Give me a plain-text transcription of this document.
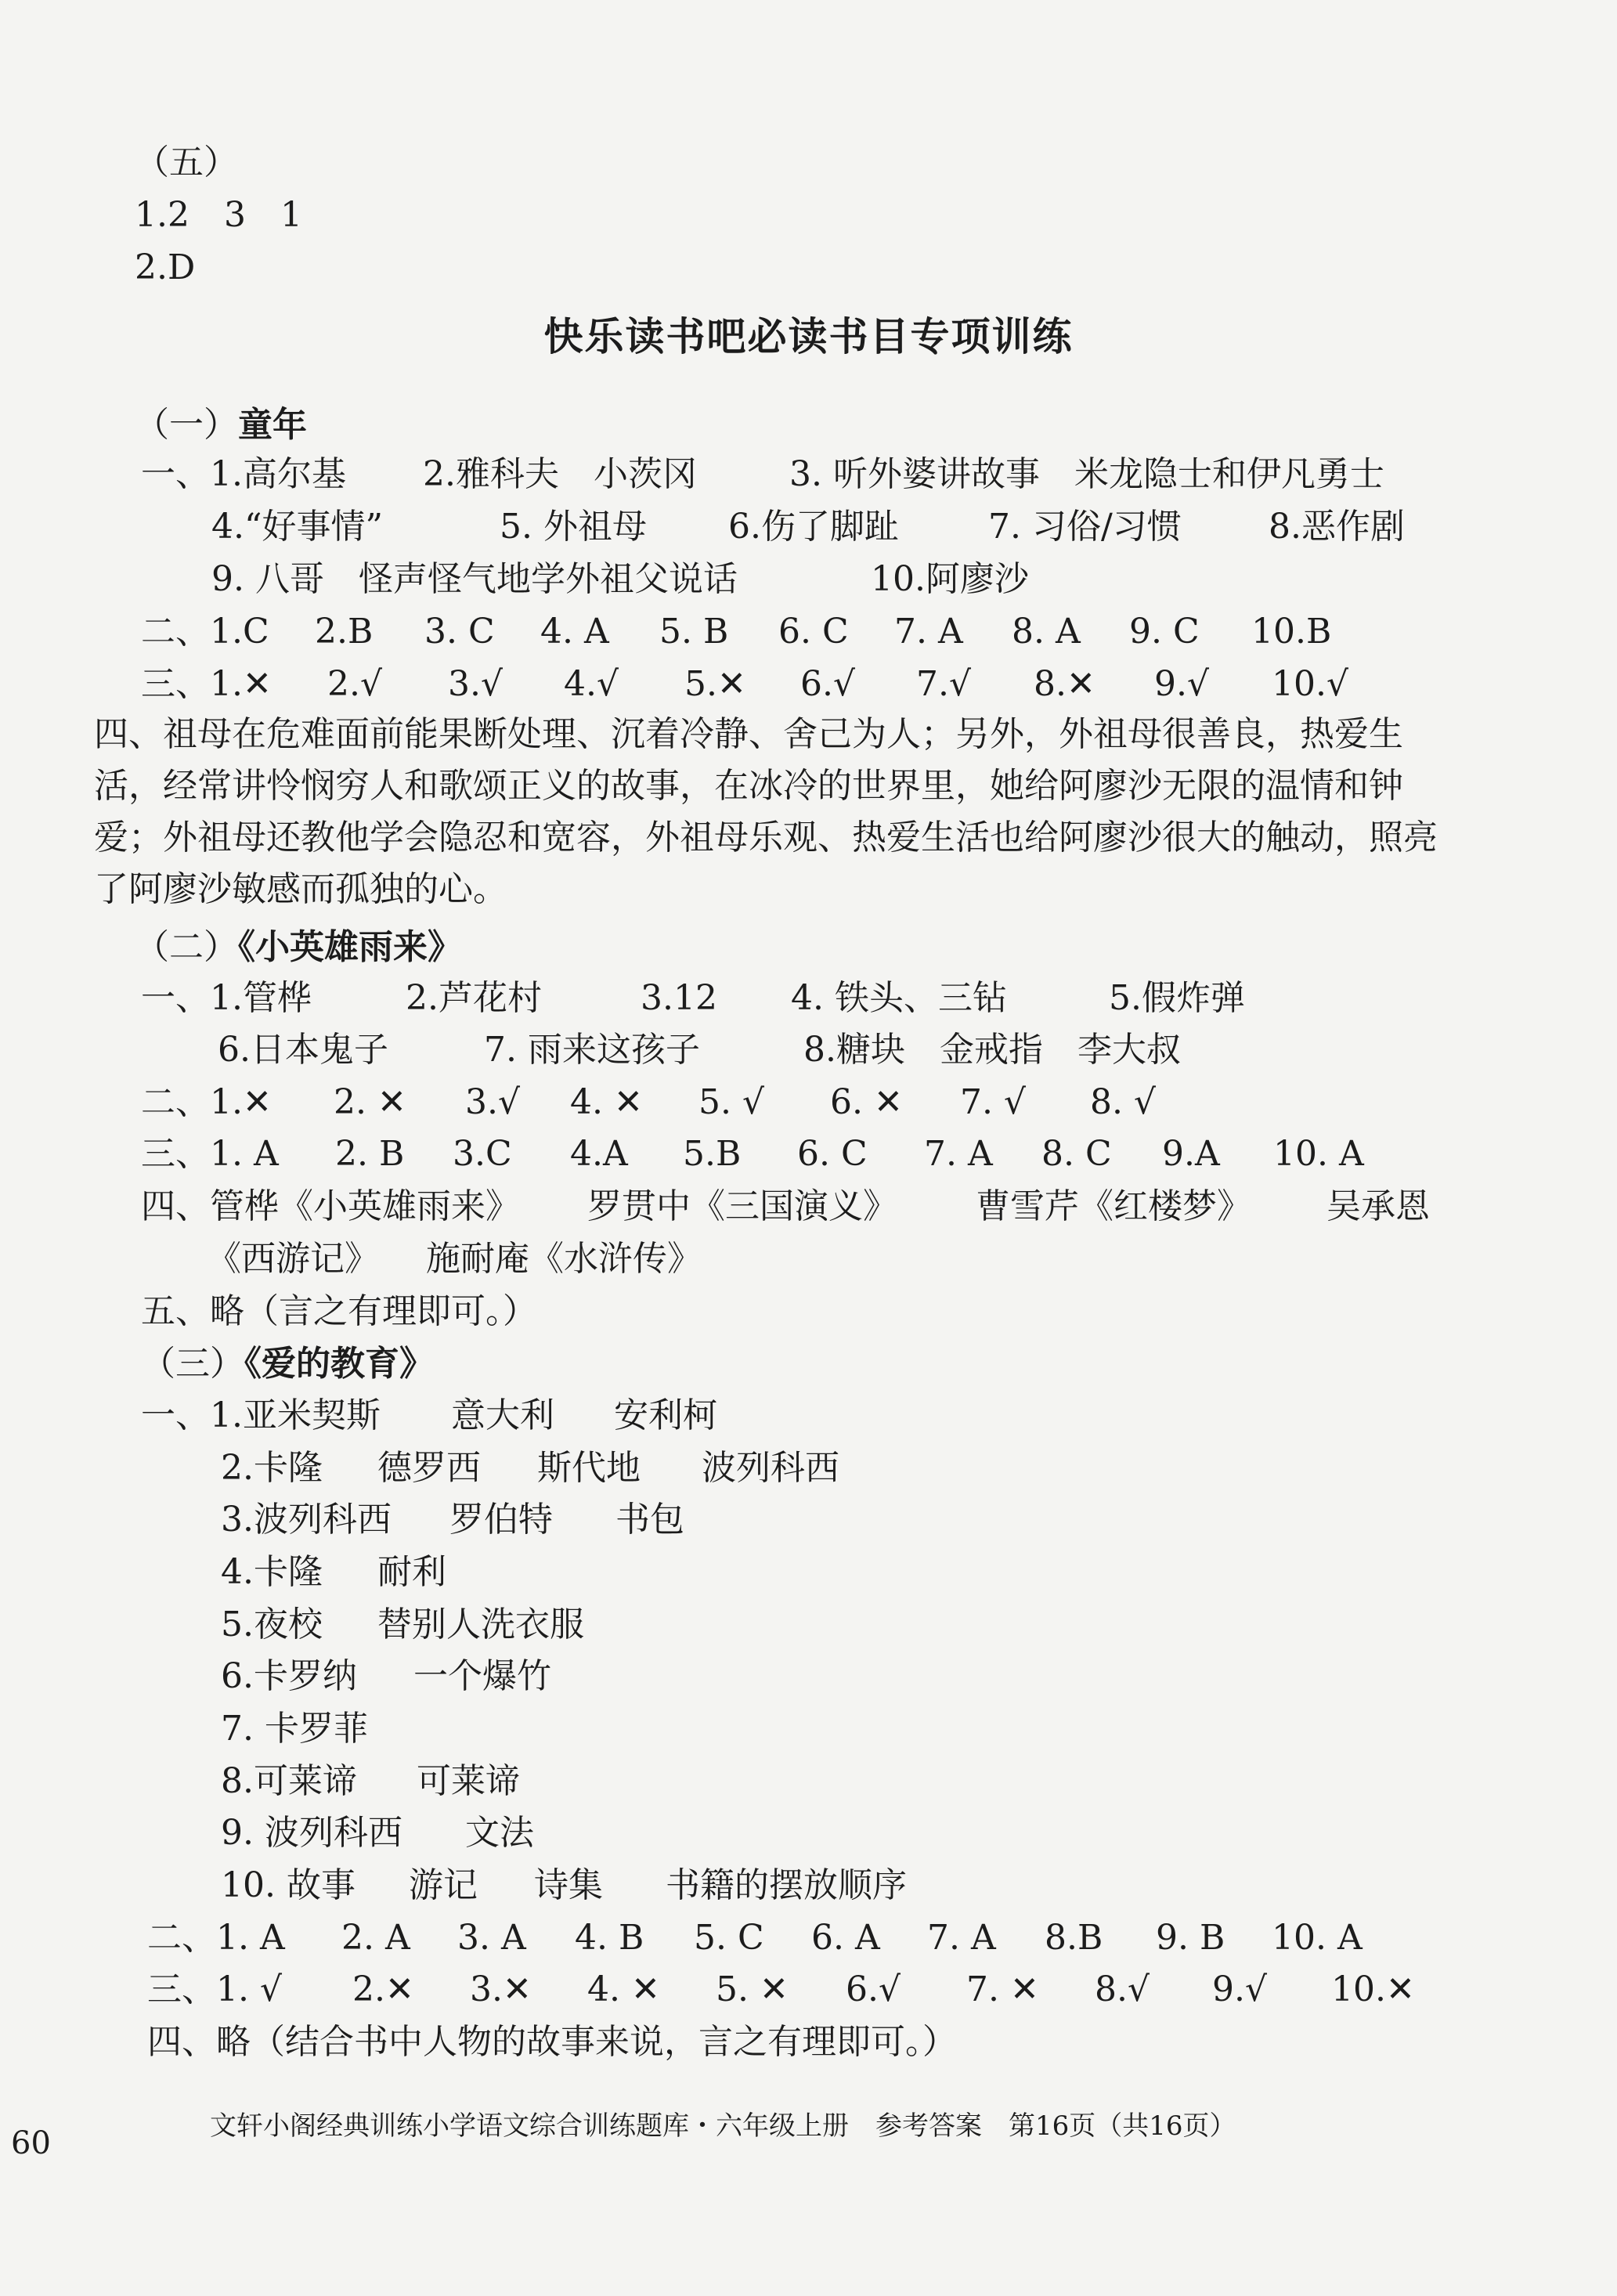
（五）
1.2　3　1
2.D
快乐读书吧必读书目专项训练
（一）童年
一、1.高尔基 2.雅科夫　小茨冈	3. 听外婆讲故事　米龙隐士和伊凡勇士
4.“好事情”	5. 外祖母 6.伤了脚趾	7. 习俗/习惯	8.恶作剧
9. 八哥　怪声怪气地学外祖父说话	10.阿廖沙
二、1.C 2.B 3. C 4. A 5. B 6. C 7. A 8. A 9. C 10.B
三、1.✕ 2.√ 3.√ 4.√ 5.✕ 6.√ 7.√ 8.✕ 9.√ 10.√
四、祖母在危难面前能果断处理、沉着冷静、舍己为人；另外，外祖母很善良，热爱生活，经常讲怜悯穷人和歌颂正义的故事，在冰冷的世界里，她给阿廖沙无限的温情和钟爱；外祖母还教他学会隐忍和宽容，外祖母乐观、热爱生活也给阿廖沙很大的触动，照亮了阿廖沙敏感而孤独的心。
（二）《小英雄雨来》
一、1.管桦	2.芦花村	3.12 4. 铁头、三钻	5.假炸弹
6.日本鬼子	7. 雨来这孩子	8.糖块　金戒指　李大叔
二、1.✕ 2. ✕ 3.√ 4. ✕ 5. √ 6. ✕ 7. √ 8. √
三、1. A 2. B 3.C 4.A 5.B 6. C 7. A 8. C 9.A 10. A
四、管桦《小英雄雨来》 罗贯中《三国演义》 曹雪芹《红楼梦》 吴承恩
《西游记》 施耐庵《水浒传》
五、略（言之有理即可。）
（三）《爱的教育》
一、1.亚米契斯 意大利 安利柯
2.卡隆 德罗西 斯代地 波列科西
3.波列科西 罗伯特 书包
4.卡隆 耐利
5.夜校 替别人洗衣服
6.卡罗纳 一个爆竹
7. 卡罗菲
8.可莱谛 可莱谛
9. 波列科西 文法
10. 故事 游记 诗集 书籍的摆放顺序
二、1. A 2. A 3. A 4. B 5. C 6. A 7. A 8.B 9. B 10. A
三、1. √ 2.✕ 3.✕ 4. ✕ 5. ✕ 6.√ 7. ✕ 8.√ 9.√ 10.✕
四、略（结合书中人物的故事来说，言之有理即可。）
60	文轩小阁经典训练小学语文综合训练题库・六年级上册　参考答案　第16页（共16页）
